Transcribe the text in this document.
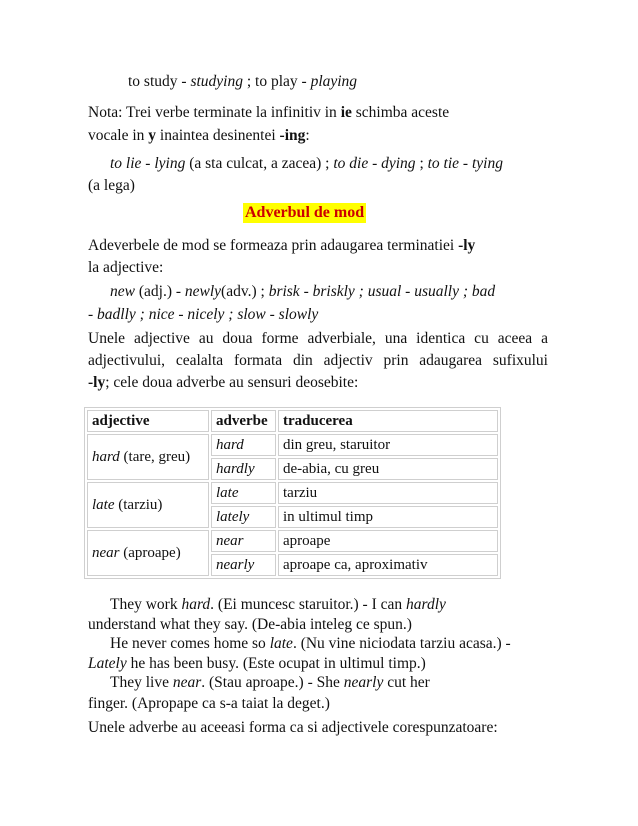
to study - studying ; to play - playing
Nota: Trei verbe terminate la infinitiv in ie schimba aceste
vocale in y inaintea desinentei -ing:
to lie - lying (a sta culcat, a zacea) ; to die - dying ; to tie - tying
(a lega)
Adverbul de mod
Adeverbele de mod se formeaza prin adaugarea terminatiei -ly
la adjective:
new (adj.) - newly(adv.) ; brisk - briskly ; usual - usually ; bad
- badlly ; nice - nicely ; slow - slowly
Unele adjective au doua forme adverbiale, una identica cu aceea a
adjectivului, cealalta formata din adjectiv prin adaugarea sufixului
-ly; cele doua adverbe au sensuri deosebite:
adjective	adverbe	traducerea
hard (tare, greu)	hard	din greu, staruitor
	hardly	de-abia, cu greu
late (tarziu)	late	tarziu
	lately	in ultimul timp
near (aproape)	near	aproape
	nearly	aproape ca, aproximativ
They work hard. (Ei muncesc staruitor.) - I can hardly
understand what they say. (De-abia inteleg ce spun.)
He never comes home so late. (Nu vine niciodata tarziu acasa.) -
Lately he has been busy. (Este ocupat in ultimul timp.)
They live near. (Stau aproape.) - She nearly cut her
finger. (Apropape ca s-a taiat la deget.)
Unele adverbe au aceeasi forma ca si adjectivele corespunzatoare:
